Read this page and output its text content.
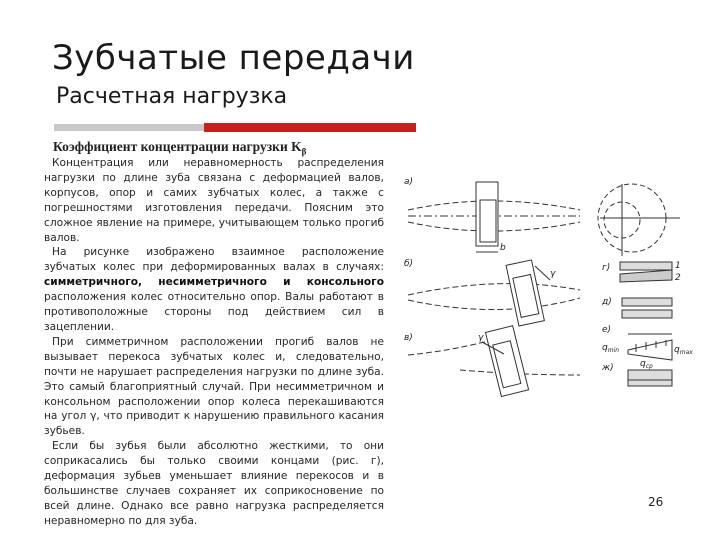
Зубчатые передачи
Расчетная нагрузка
Коэффициент концентрации нагрузки $K_\beta$

Концентрация или неравномерность распределения нагрузки по длине зуба связана с деформацией валов, корпусов, опор и самих зубчатых колес, а также с погрешностями изготовления передачи. Поясним это сложное явление на примере, учитывающем только прогиб валов.

На рисунке изображено взаимное расположение зубчатых колес при деформированных валах в случаях: симметричного, несимметричного и консольного расположения колес относительно опор. Валы работают в противоположные стороны под действием сил в зацеплении.

При симметричном расположении прогиб валов не вызывает перекоса зубчатых колес и, следовательно, почти не нарушает распределения нагрузки по длине зуба. Это самый благоприятный случай. При несимметричном и консольном расположении опор колеса перекашиваются на угол γ, что приводит к нарушению правильного касания зубьев.

Если бы зубья были абсолютно жесткими, то они соприкасались бы только своими концами (рис. г), деформация зубьев уменьшает влияние перекосов и в большинстве случаев сохраняет их соприкосновение по всей длине. Однако все равно нагрузка распределяется неравномерно по для зуба.

a)
б)
в)
г)
д)
е)
ж)
b
γ
γ
$q_{min}$	$q_{max}$
$q_{ср}$
1
2
26
